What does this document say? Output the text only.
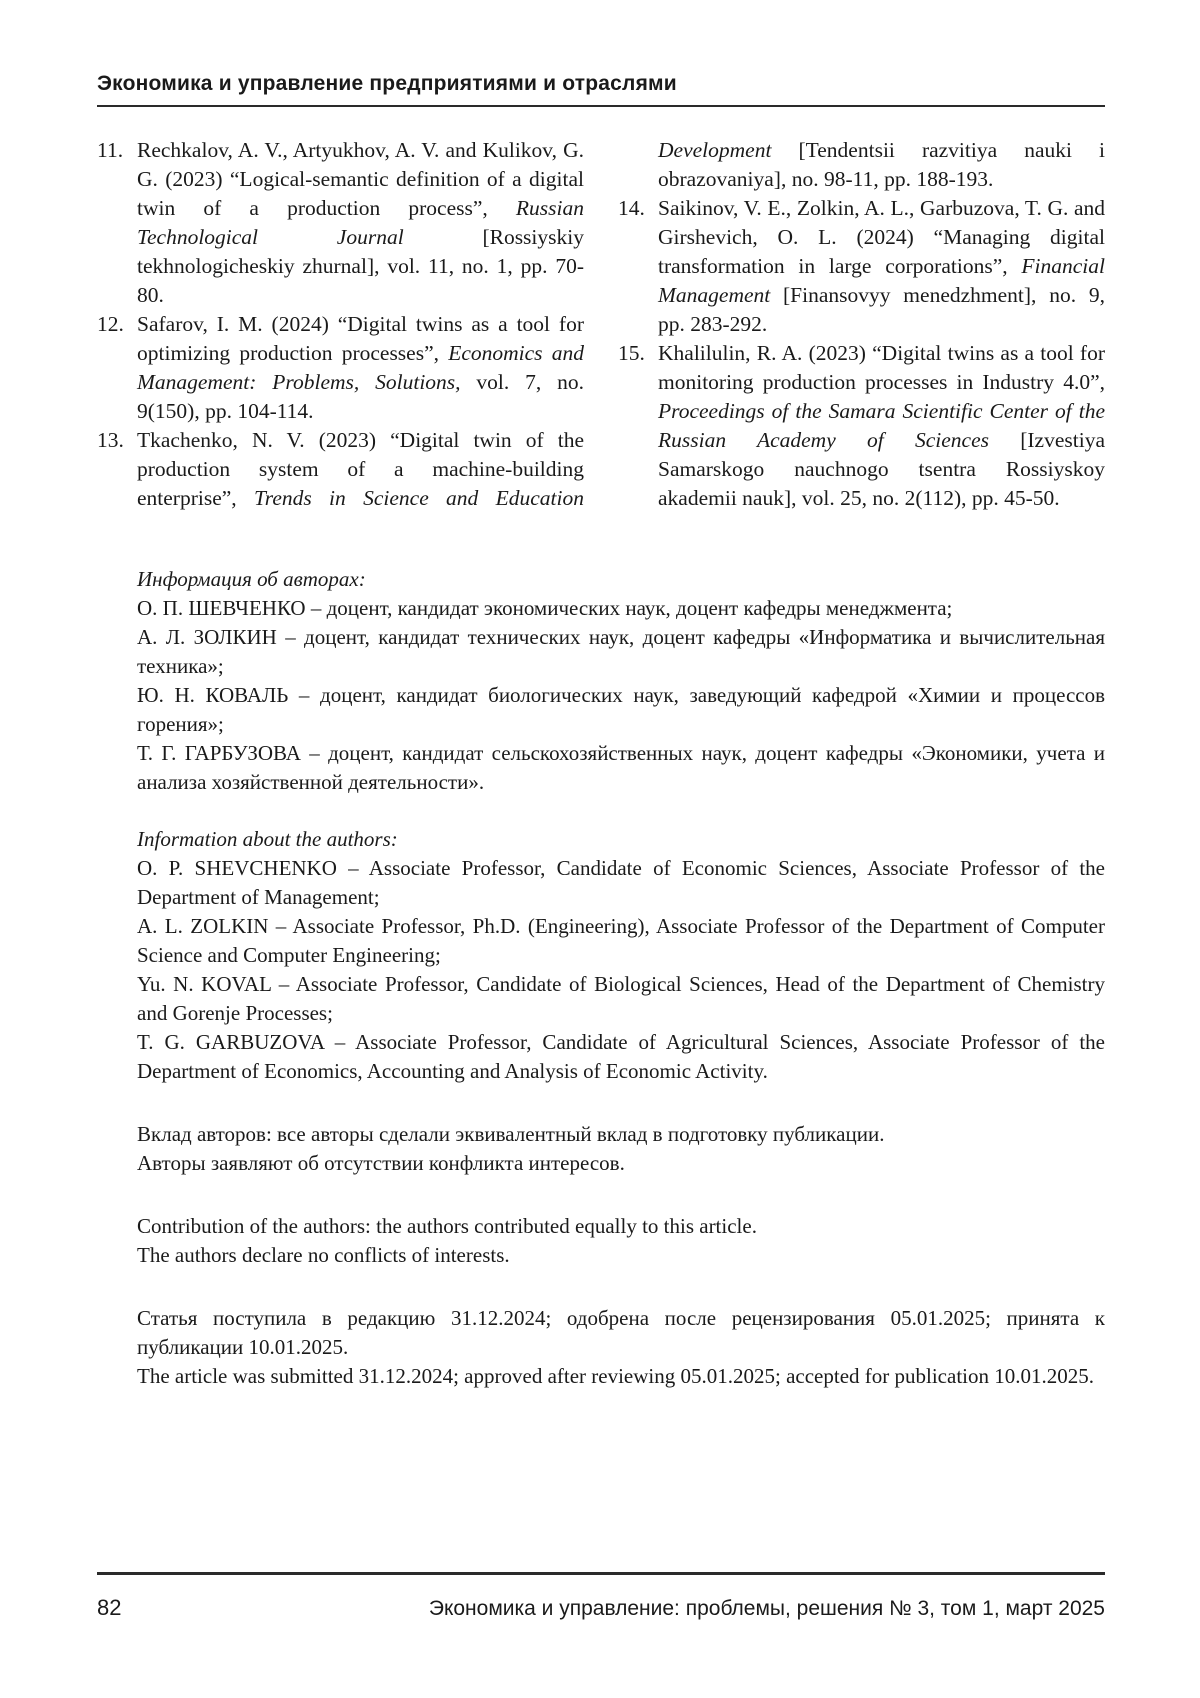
Экономика и управление предприятиями и отраслями
11. Rechkalov, A. V., Artyukhov, A. V. and Kulikov, G. G. (2023) “Logical-semantic definition of a digital twin of a production process”, Russian Technological Journal [Rossiyskiy tekhnologicheskiy zhurnal], vol. 11, no. 1, pp. 70-80.
12. Safarov, I. M. (2024) “Digital twins as a tool for optimizing production processes”, Economics and Management: Problems, Solutions, vol. 7, no. 9(150), pp. 104-114.
13. Tkachenko, N. V. (2023) “Digital twin of the production system of a machine-building enterprise”, Trends in Science and Education Development [Tendentsii razvitiya nauki i obrazovaniya], no. 98-11, pp. 188-193.
14. Saikinov, V. E., Zolkin, A. L., Garbuzova, T. G. and Girshevich, O. L. (2024) “Managing digital transformation in large corporations”, Financial Management [Finansovyy menedzhment], no. 9, pp. 283-292.
15. Khalilulin, R. A. (2023) “Digital twins as a tool for monitoring production processes in Industry 4.0”, Proceedings of the Samara Scientific Center of the Russian Academy of Sciences [Izvestiya Samarskogo nauchnogo tsentra Rossiyskoy akademii nauk], vol. 25, no. 2(112), pp. 45-50.

Информация об авторах:

О. П. ШЕВЧЕНКО – доцент, кандидат экономических наук, доцент кафедры менеджмента;

А. Л. ЗОЛКИН – доцент, кандидат технических наук, доцент кафедры «Информатика и вычислительная техника»;

Ю. Н. КОВАЛЬ – доцент, кандидат биологических наук, заведующий кафедрой «Химии и процессов горения»;

Т. Г. ГАРБУЗОВА – доцент, кандидат сельскохозяйственных наук, доцент кафедры «Экономики, учета и анализа хозяйственной деятельности».

Information about the authors:

O. P. SHEVCHENKO – Associate Professor, Candidate of Economic Sciences, Associate Professor of the Department of Management;

A. L. ZOLKIN – Associate Professor, Ph.D. (Engineering), Associate Professor of the Department of Computer Science and Computer Engineering;

Yu. N. KOVAL – Associate Professor, Candidate of Biological Sciences, Head of the Department of Chemistry and Gorenje Processes;

T. G. GARBUZOVA – Associate Professor, Candidate of Agricultural Sciences, Associate Professor of the Department of Economics, Accounting and Analysis of Economic Activity.

Вклад авторов: все авторы сделали эквивалентный вклад в подготовку публикации.

Авторы заявляют об отсутствии конфликта интересов.

Contribution of the authors: the authors contributed equally to this article.

The authors declare no conflicts of interests.

Статья поступила в редакцию 31.12.2024; одобрена после рецензирования 05.01.2025; принята к публикации 10.01.2025.

The article was submitted 31.12.2024; approved after reviewing 05.01.2025; accepted for publication 10.01.2025.

82	Экономика и управление: проблемы, решения № 3, том 1, март 2025
